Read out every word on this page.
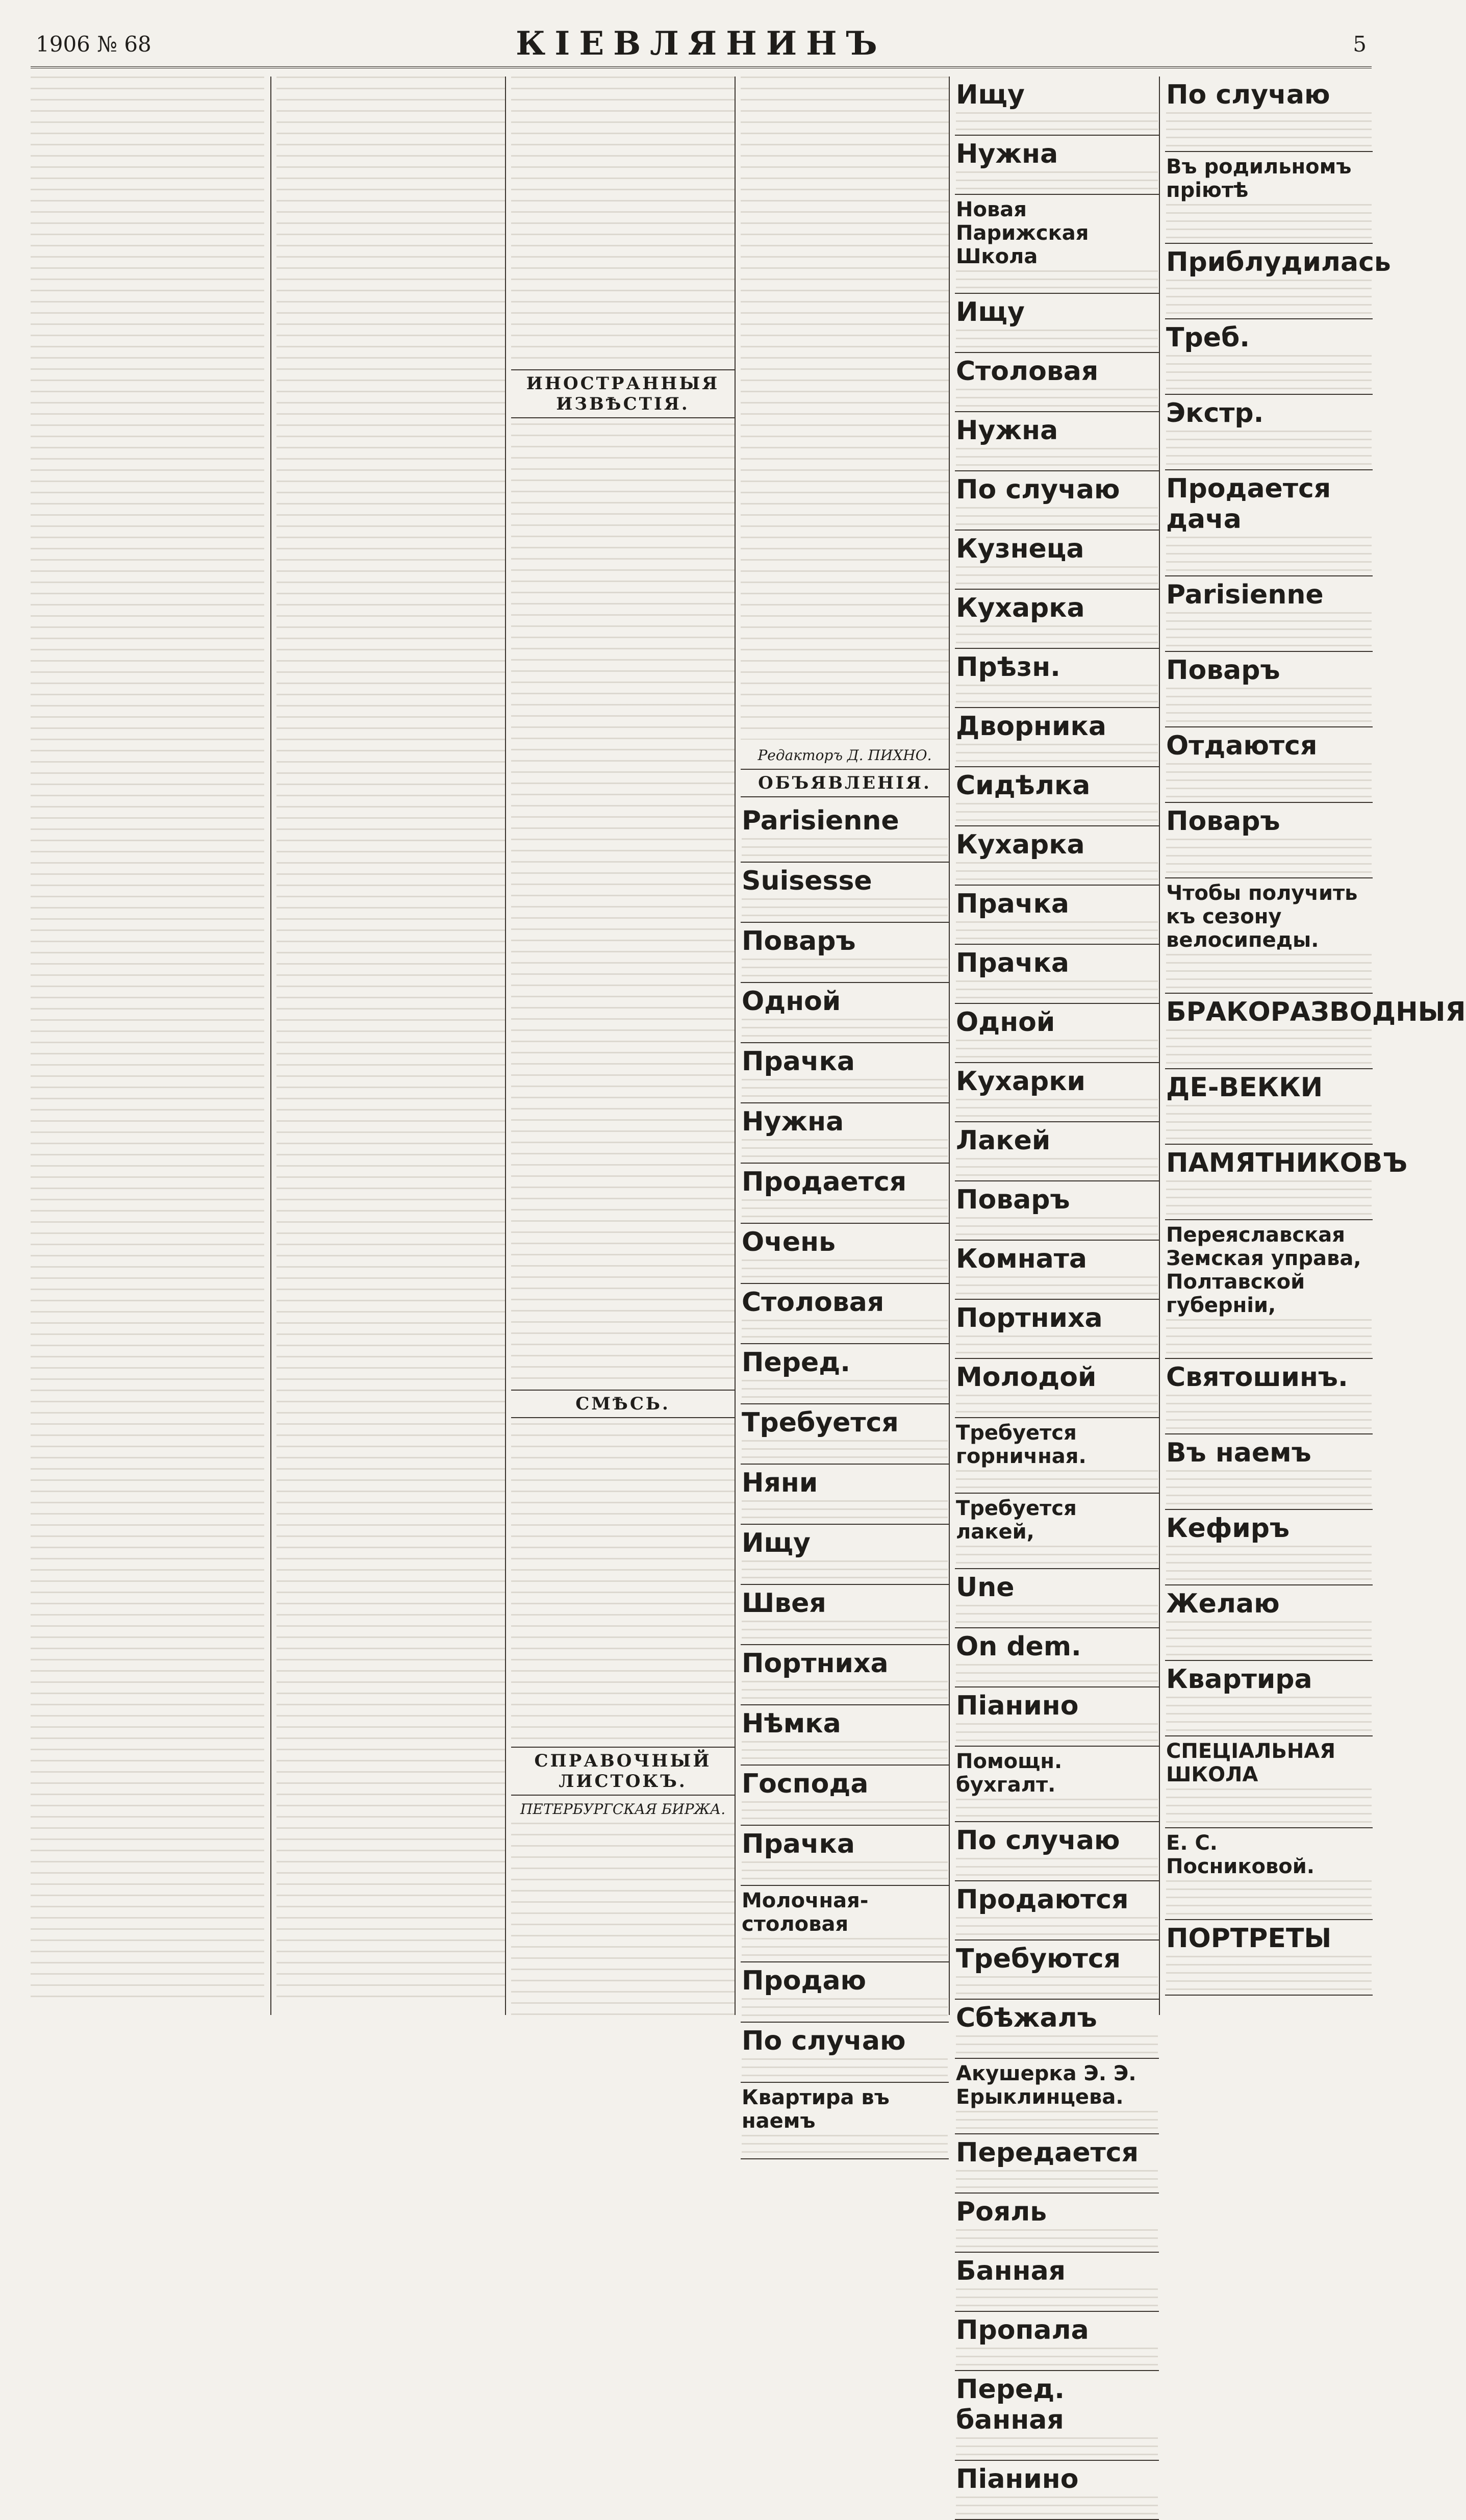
1906 № 68	КІЕВЛЯНИНЪ	5
ИНОСТРАННЫЯ ИЗВѢСТІЯ.
СМѢСЬ.
СПРАВОЧНЫЙ ЛИСТОКЪ.
ПЕТЕРБУРГСКАЯ БИРЖА.
Редакторъ Д. ПИХНО.
ОБЪЯВЛЕНІЯ.
Parisienne
Suisesse
Поваръ
Одной
Прачка
Нужна
Продается
Очень
Столовая
Перед.
Требуется
Няни
Ищу
Швея
Портниха
Нѣмка
Господа
Прачка
Молочная-столовая
Продаю
По случаю
Квартира въ наемъ
Ищу
Нужна
Новая Парижская Школа
Ищу
Столовая
Нужна
По случаю
Кузнеца
Кухарка
Прѣзн.
Дворника
Сидѣлка
Кухарка
Прачка
Прачка
Одной
Кухарки
Лакей
Поваръ
Комната
Портниха
Молодой
Требуется горничная.
Требуется лакей,
Une
On dem.
Піанино
Помощн. бухгалт.
По случаю
Продаются
Требуются
Сбѣжалъ
Акушерка Э. Э. Ерыклинцева.
Передается
Рояль
Банная
Пропала
Перед. банная
Піанино
По случаю
Въ родильномъ пріютѣ
Приблудилась
Треб.
Экстр.
Продается дача
Parisienne
Поваръ
Отдаются
Поваръ
Чтобы получить къ сезону велосипеды.
БРАКОРАЗВОДНЫЯ
ДЕ-ВЕККИ
ПАМЯТНИКОВЪ
Переяславская Земская управа, Полтавской губерніи,
Святошинъ.
Въ наемъ
Кефиръ
Желаю
Квартира
СПЕЦІАЛЬНАЯ ШКОЛА
Е. С. Посниковой.
ПОРТРЕТЫ
